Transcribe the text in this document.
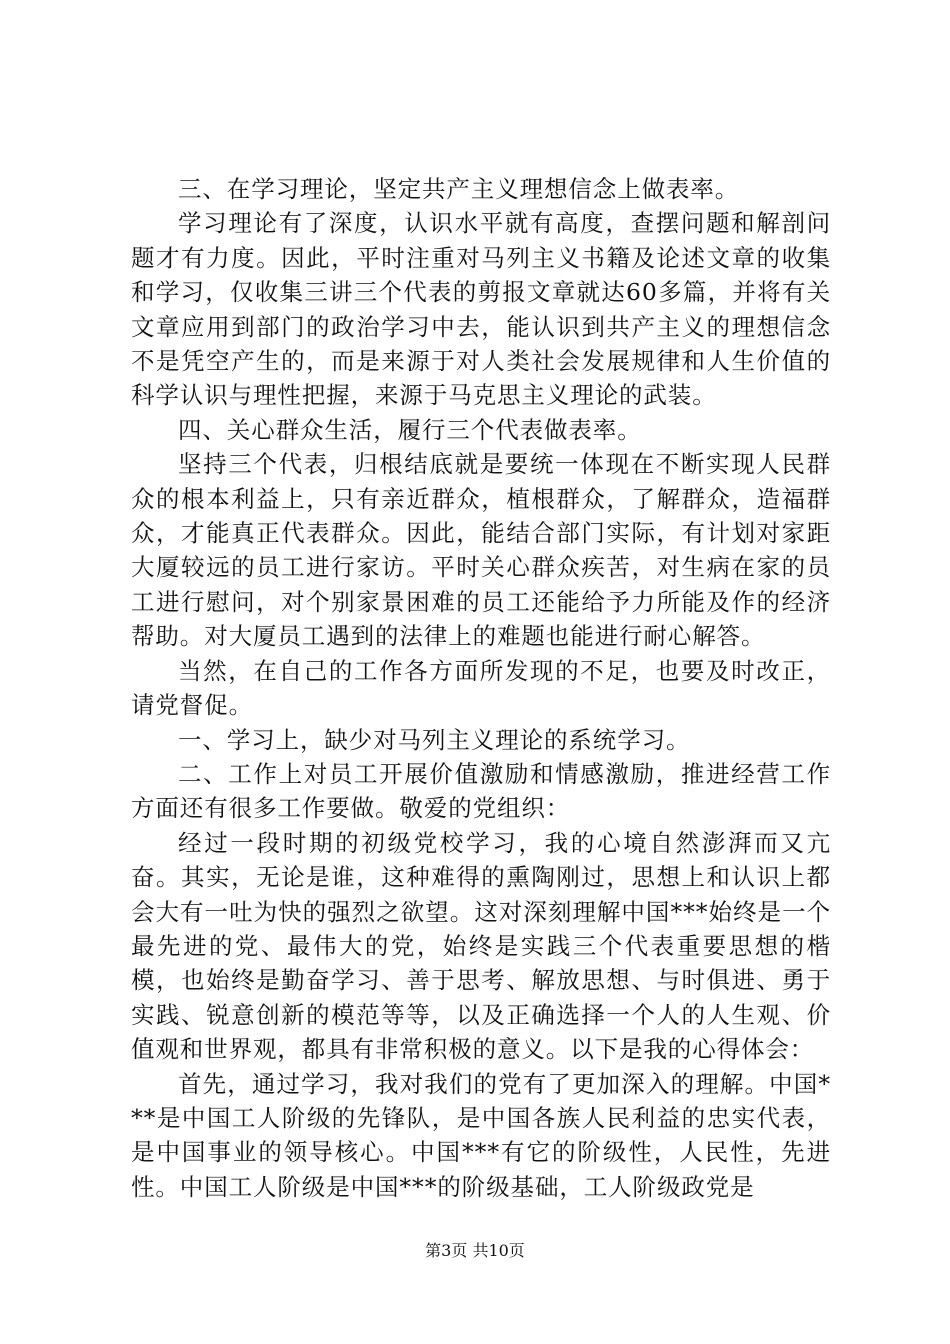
三、在学习理论，坚定共产主义理想信念上做表率。

学习理论有了深度，认识水平就有高度，查摆问题和解剖问题才有力度。因此，平时注重对马列主义书籍及论述文章的收集和学习，仅收集三讲三个代表的剪报文章就达60多篇，并将有关文章应用到部门的政治学习中去，能认识到共产主义的理想信念不是凭空产生的，而是来源于对人类社会发展规律和人生价值的科学认识与理性把握，来源于马克思主义理论的武装。

四、关心群众生活，履行三个代表做表率。

坚持三个代表，归根结底就是要统一体现在不断实现人民群众的根本利益上，只有亲近群众，植根群众，了解群众，造福群众，才能真正代表群众。因此，能结合部门实际，有计划对家距大厦较远的员工进行家访。平时关心群众疾苦，对生病在家的员工进行慰问，对个别家景困难的员工还能给予力所能及作的经济帮助。对大厦员工遇到的法律上的难题也能进行耐心解答。

当然，在自己的工作各方面所发现的不足，也要及时改正，请党督促。

一、学习上，缺少对马列主义理论的系统学习。

二、工作上对员工开展价值激励和情感激励，推进经营工作方面还有很多工作要做。敬爱的党组织：

经过一段时期的初级党校学习，我的心境自然澎湃而又亢奋。其实，无论是谁，这种难得的熏陶刚过，思想上和认识上都会大有一吐为快的强烈之欲望。这对深刻理解中国***始终是一个最先进的党、最伟大的党，始终是实践三个代表重要思想的楷模，也始终是勤奋学习、善于思考、解放思想、与时俱进、勇于实践、锐意创新的模范等等，以及正确选择一个人的人生观、价值观和世界观，都具有非常积极的意义。以下是我的心得体会：

首先，通过学习，我对我们的党有了更加深入的理解。中国***是中国工人阶级的先锋队，是中国各族人民利益的忠实代表，是中国事业的领导核心。中国***有它的阶级性，人民性，先进性。中国工人阶级是中国***的阶级基础，工人阶级政党是

第3页 共10页
